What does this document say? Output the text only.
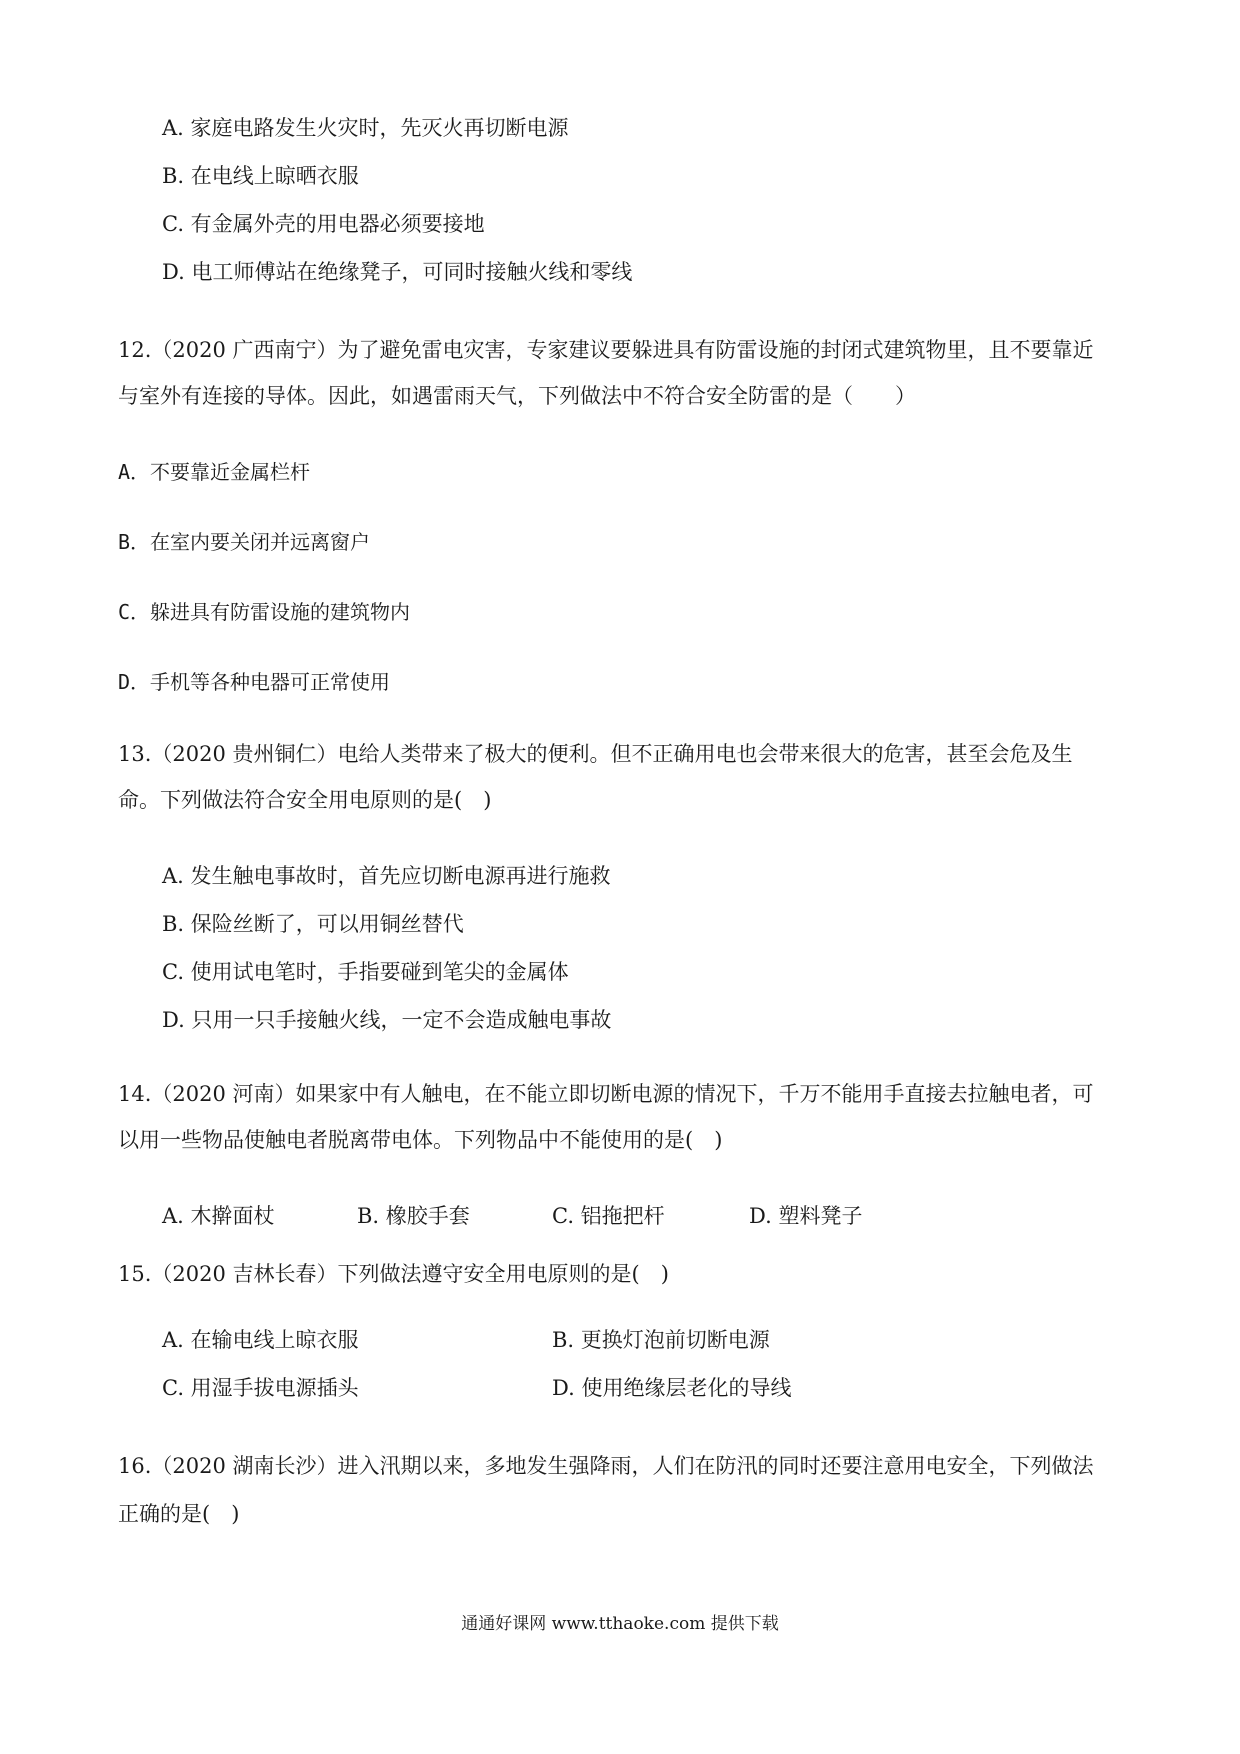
A. 家庭电路发生火灾时，先灭火再切断电源
B. 在电线上晾晒衣服
C. 有金属外壳的用电器必须要接地
D. 电工师傅站在绝缘凳子，可同时接触火线和零线
12.（2020 广西南宁）为了避免雷电灾害，专家建议要躲进具有防雷设施的封闭式建筑物里，且不要靠近
与室外有连接的导体。因此，如遇雷雨天气，下列做法中不符合安全防雷的是（　　）
A．不要靠近金属栏杆
B．在室内要关闭并远离窗户
C．躲进具有防雷设施的建筑物内
D．手机等各种电器可正常使用
13.（2020 贵州铜仁）电给人类带来了极大的便利。但不正确用电也会带来很大的危害，甚至会危及生
命。下列做法符合安全用电原则的是(　)
A. 发生触电事故时，首先应切断电源再进行施救
B. 保险丝断了，可以用铜丝替代
C. 使用试电笔时，手指要碰到笔尖的金属体
D. 只用一只手接触火线，一定不会造成触电事故
14.（2020 河南）如果家中有人触电，在不能立即切断电源的情况下，千万不能用手直接去拉触电者，可
以用一些物品使触电者脱离带电体。下列物品中不能使用的是(　)
A. 木擀面杖	B. 橡胶手套	C. 铝拖把杆	D. 塑料凳子
15.（2020 吉林长春）下列做法遵守安全用电原则的是(　)
A. 在输电线上晾衣服	B. 更换灯泡前切断电源
C. 用湿手拔电源插头	D. 使用绝缘层老化的导线
16.（2020 湖南长沙）进入汛期以来，多地发生强降雨，人们在防汛的同时还要注意用电安全，下列做法
正确的是(　)
通通好课网 www.tthaoke.com 提供下载
